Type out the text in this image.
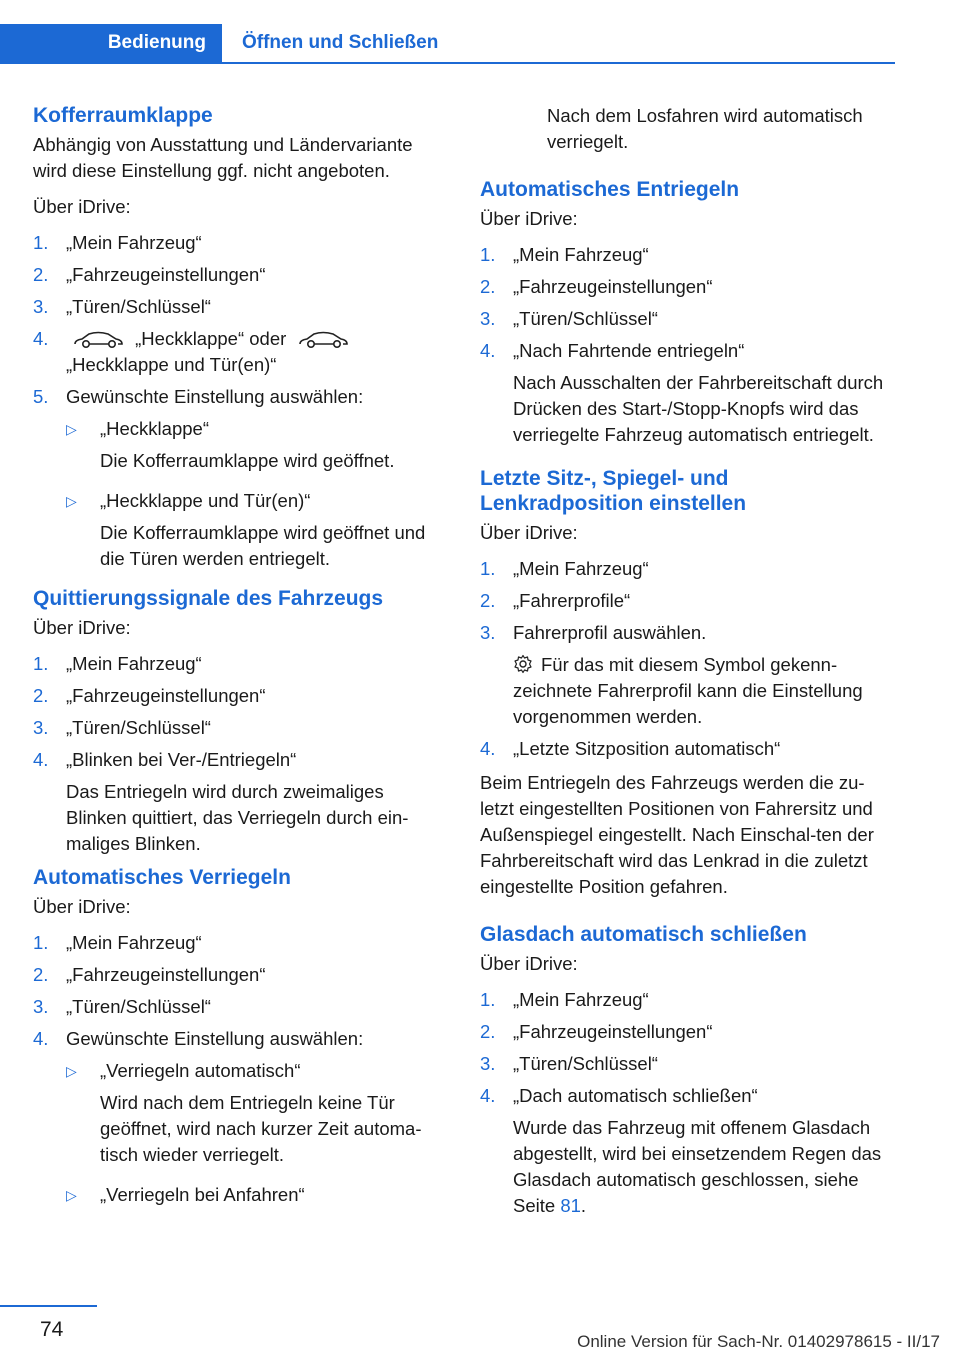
Bedienung	Öffnen und Schließen
Kofferraumklappe

Abhängig von Ausstattung und Ländervariante wird diese Einstellung ggf. nicht angeboten.

Über iDrive:

1. „Mein Fahrzeug“
2. „Fahrzeugeinstellungen“
3. „Türen/Schlüssel“
4.	„Heckklappe“ oder
„Heckklappe und Tür(en)“
5. Gewünschte Einstellung auswählen:
▷ „Heckklappe“
Die Kofferraumklappe wird geöffnet.
▷ „Heckklappe und Tür(en)“
Die Kofferraumklappe wird geöffnet und die Türen werden entriegelt.
Quittierungssignale des Fahrzeugs

Über iDrive:

1. „Mein Fahrzeug“
2. „Fahrzeugeinstellungen“
3. „Türen/Schlüssel“
4. „Blinken bei Ver-/Entriegeln“
Das Entriegeln wird durch zweimaliges Blinken quittiert, das Verriegeln durch ein-maliges Blinken.
Automatisches Verriegeln

Über iDrive:

1. „Mein Fahrzeug“
2. „Fahrzeugeinstellungen“
3. „Türen/Schlüssel“
4. Gewünschte Einstellung auswählen:
▷ „Verriegeln automatisch“
Wird nach dem Entriegeln keine Tür geöffnet, wird nach kurzer Zeit automa-tisch wieder verriegelt.
▷ „Verriegeln bei Anfahren“

Nach dem Losfahren wird automatisch verriegelt.

Automatisches Entriegeln

Über iDrive:

1. „Mein Fahrzeug“
2. „Fahrzeugeinstellungen“
3. „Türen/Schlüssel“
4. „Nach Fahrtende entriegeln“
Nach Ausschalten der Fahrbereitschaft durch Drücken des Start-/Stopp-Knopfs wird das verriegelte Fahrzeug automatisch entriegelt.
Letzte Sitz-, Spiegel- und Lenkradposition einstellen

Über iDrive:

1. „Mein Fahrzeug“
2. „Fahrerprofile“
3. Fahrerprofil auswählen.
Für das mit diesem Symbol gekenn-zeichnete Fahrerprofil kann die Einstellung vorgenommen werden.
4. „Letzte Sitzposition automatisch“

Beim Entriegeln des Fahrzeugs werden die zu-letzt eingestellten Positionen von Fahrersitz und Außenspiegel eingestellt. Nach Einschal-ten der Fahrbereitschaft wird das Lenkrad in die zuletzt eingestellte Position gefahren.

Glasdach automatisch schließen

Über iDrive:

1. „Mein Fahrzeug“
2. „Fahrzeugeinstellungen“
3. „Türen/Schlüssel“
4. „Dach automatisch schließen“
Wurde das Fahrzeug mit offenem Glasdach abgestellt, wird bei einsetzendem Regen das Glasdach automatisch geschlossen, siehe Seite 81.
74
Online Version für Sach-Nr. 01402978615 - II/17
